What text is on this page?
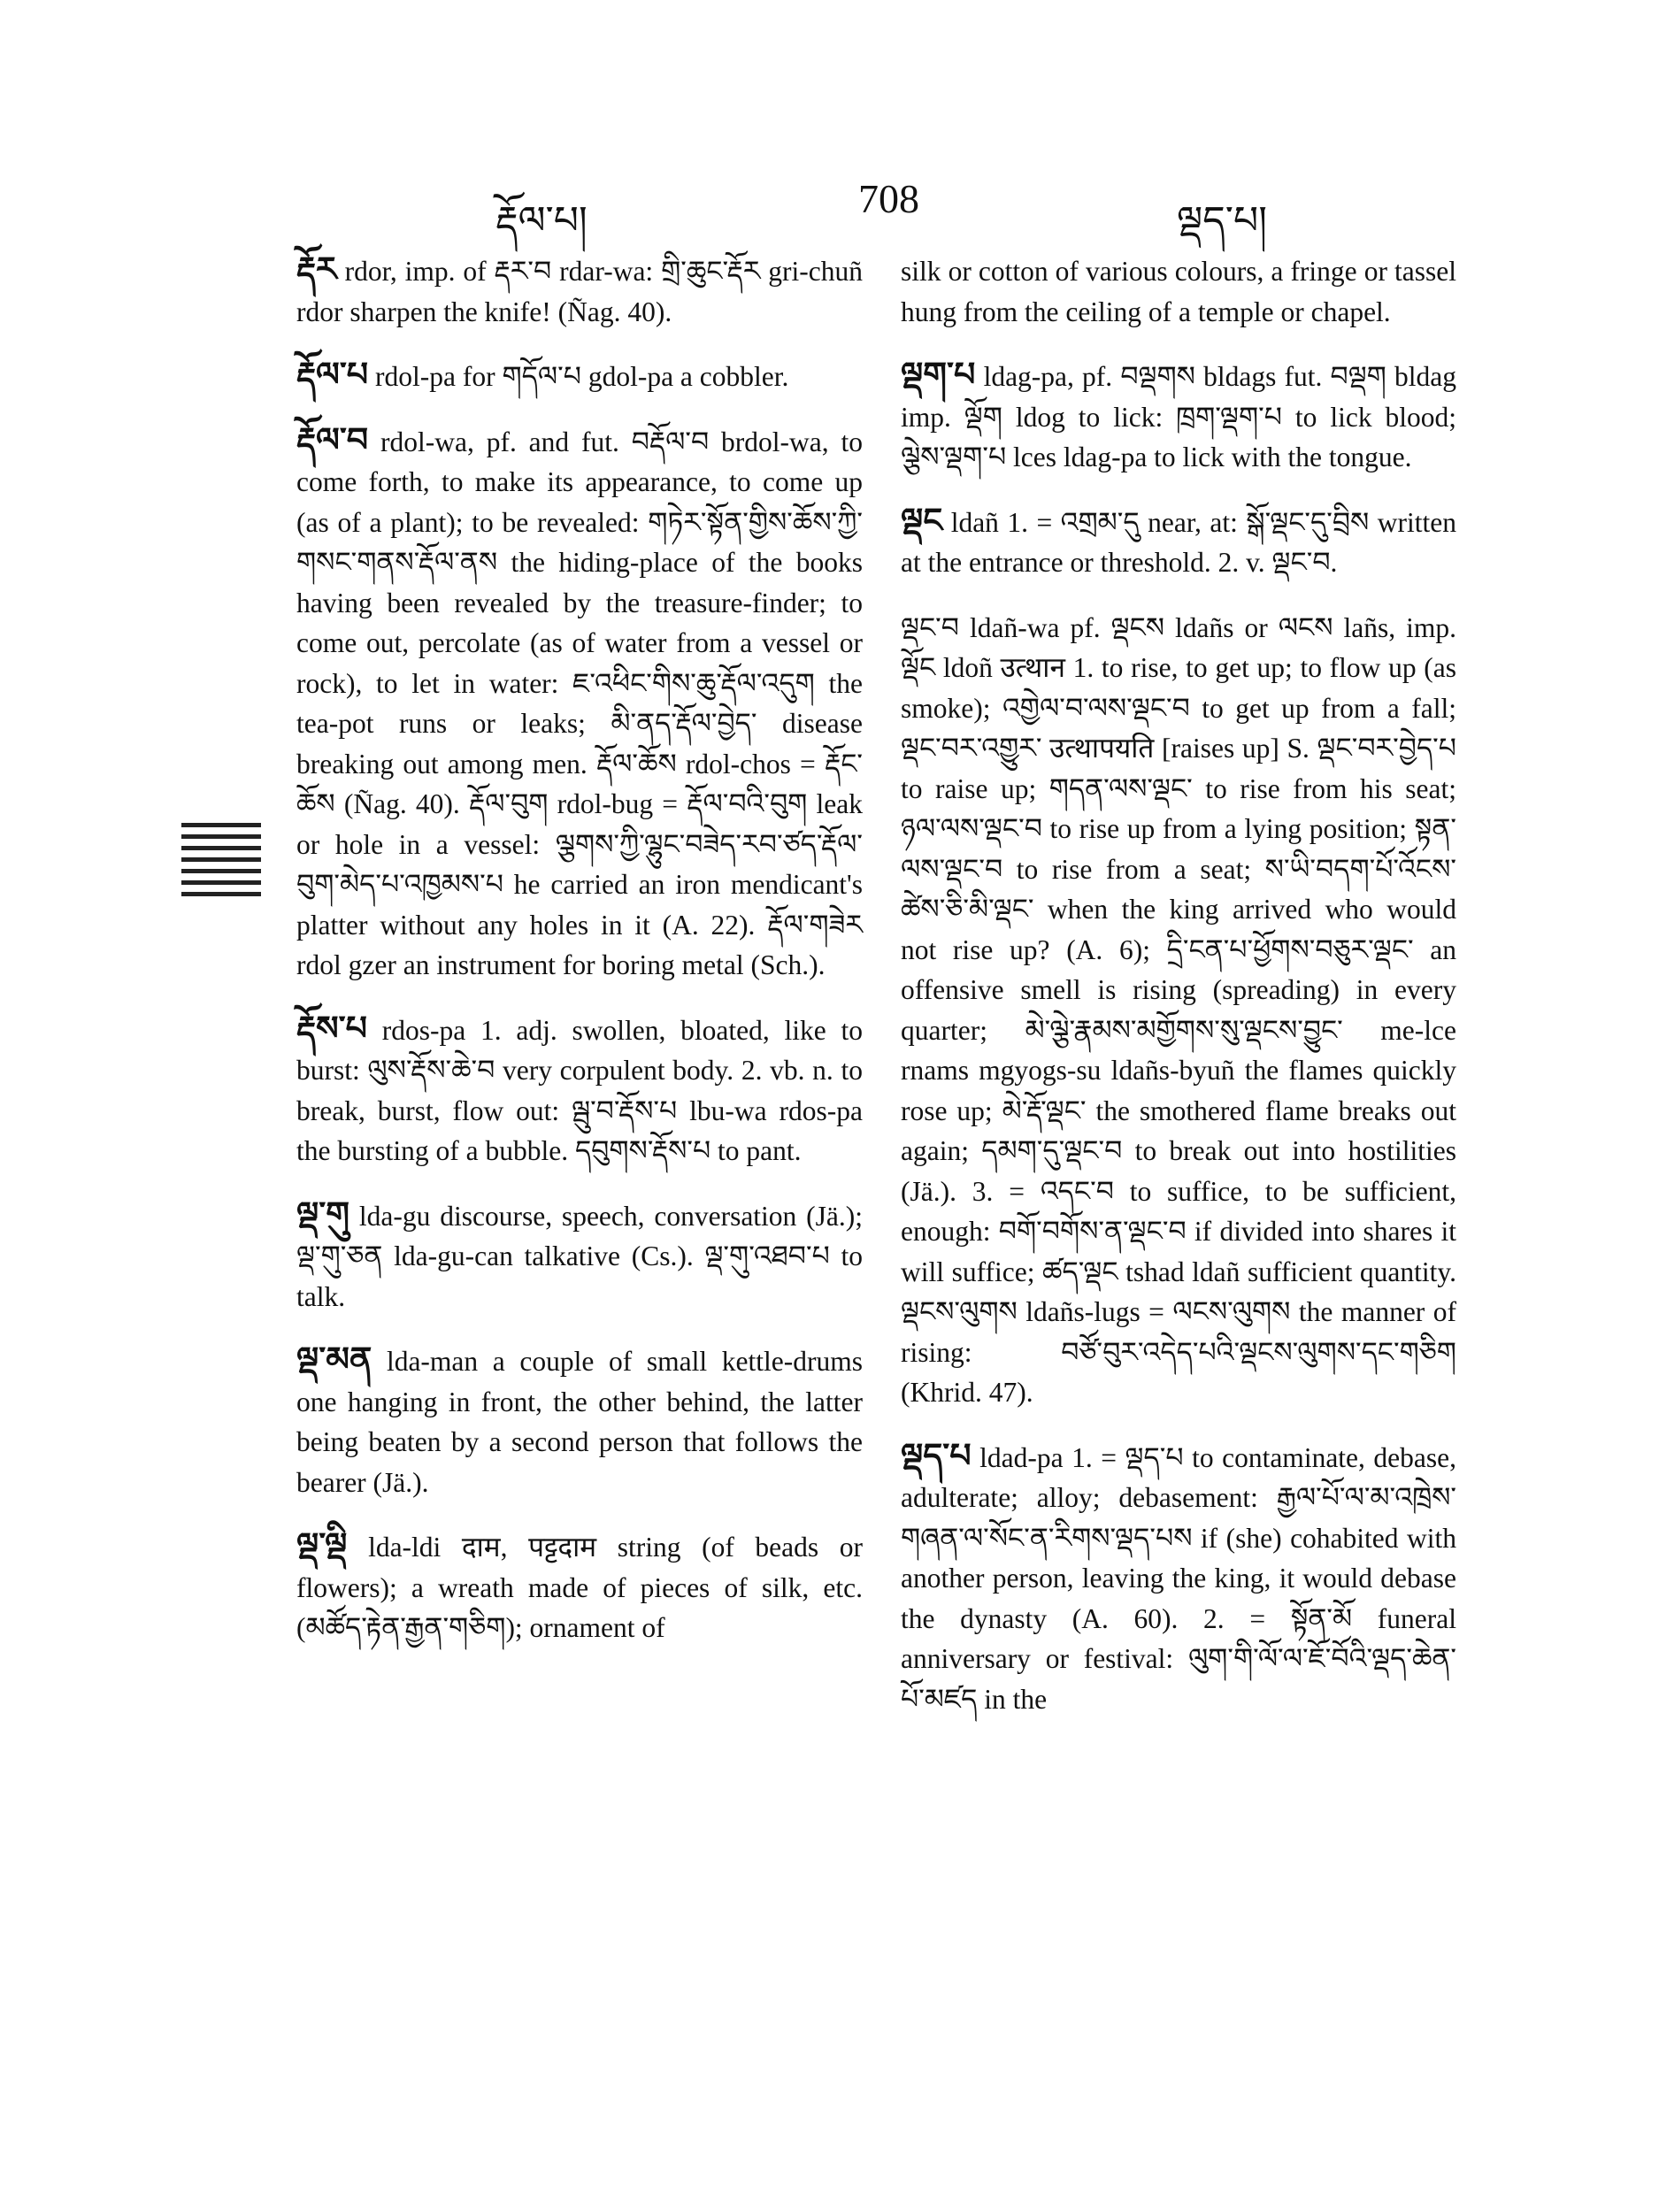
རྡོལ་པ།	708	ལྡད་པ།

རྡོར rdor, imp. of རྡར་བ rdar-wa: གྲི་ཆུང་རྡོར gri-chuñ rdor sharpen the knife! (Ñag. 40).

རྡོལ་པ rdol-pa for གདོལ་པ gdol-pa a cobbler.

རྡོལ་བ rdol-wa, pf. and fut. བརྡོལ་བ brdol-wa, to come forth, to make its appearance, to come up (as of a plant); to be revealed: གཏེར་སྟོན་གྱིས་ཆོས་ཀྱི་གསང་གནས་རྡོལ་ནས the hiding-place of the books having been revealed by the treasure-finder; to come out, percolate (as of water from a vessel or rock), to let in water: ཇ་འཕིང་གིས་ཆུ་རྡོལ་འདུག the tea-pot runs or leaks; མི་ནད་རྡོལ་བྱེད་ disease breaking out among men. རྡོལ་ཆོས rdol-chos = རྡོང་ཆོས (Ñag. 40). རྡོལ་བུག rdol-bug = རྡོལ་བའི་བུག leak or hole in a vessel: ལྕགས་ཀྱི་ལྷུང་བཟེད་རབ་ཙད་རྡོལ་བུག་མེད་པ་འཁྱམས་པ he carried an iron mendicant's platter without any holes in it (A. 22). རྡོལ་གཟེར rdol gzer an instrument for boring metal (Sch.).

རྡོས་པ rdos-pa 1. adj. swollen, bloated, like to burst: ལུས་རྡོས་ཆེ་བ very corpulent body. 2. vb. n. to break, burst, flow out: ལྦུ་བ་རྡོས་པ lbu-wa rdos-pa the bursting of a bubble. དབུགས་རྡོས་པ to pant.

ལྡ་གུ lda-gu discourse, speech, conversation (Jä.); ལྡ་གུ་ཅན lda-gu-can talkative (Cs.). ལྡ་གུ་འཐབ་པ to talk.

ལྡ་མན lda-man a couple of small kettle-drums one hanging in front, the other behind, the latter being beaten by a second person that follows the bearer (Jä.).

ལྡ་ལྡི lda-ldi दाम, पट्टदाम string (of beads or flowers); a wreath made of pieces of silk, etc. (མཚོད་རྟེན་རྒྱན་གཅིག); ornament of

silk or cotton of various colours, a fringe or tassel hung from the ceiling of a temple or chapel.

ལྡག་པ ldag-pa, pf. བལྡགས bldags fut. བལྡག bldag imp. ལྡོག ldog to lick: ཁྲག་ལྡག་པ to lick blood; ལྕེས་ལྡག་པ lces ldag-pa to lick with the tongue.

ལྡང ldañ 1. = འགྲམ་དུ near, at: སྒོ་ལྡང་དུ་བྲིས written at the entrance or threshold. 2. v. ལྡང་བ.

ལྡང་བ ldañ-wa pf. ལྡངས ldañs or ལངས lañs, imp. ལྡོང ldoñ उत्थान 1. to rise, to get up; to flow up (as smoke); འགྱེལ་བ་ལས་ལྡང་བ to get up from a fall; ལྡང་བར་འགྱུར་ उत्थापयति [raises up] S. ལྡང་བར་བྱེད་པ to raise up; གདན་ལས་ལྡང་ to rise from his seat; ཉལ་ལས་ལྡང་བ to rise up from a lying position; སྟན་ལས་ལྡང་བ to rise from a seat; ས་ཡི་བདག་པོ་འོངས་ཚེས་ཅི་མི་ལྡང་ when the king arrived who would not rise up? (A. 6); དྲི་ངན་པ་ཕྱོགས་བཅུར་ལྡང་ an offensive smell is rising (spreading) in every quarter; མེ་ལྕེ་རྣམས་མགྱོགས་སུ་ལྡངས་བྱུང་ me-lce rnams mgyogs-su ldañs-byuñ the flames quickly rose up; མེ་རྡོ་ལྡང་ the smothered flame breaks out again; དམག་དུ་ལྡང་བ to break out into hostilities (Jä.). 3. = འདང་བ to suffice, to be sufficient, enough: བགོ་བགོས་ན་ལྡང་བ if divided into shares it will suffice; ཚད་ལྡང tshad ldañ sufficient quantity. ལྡངས་ལུགས ldañs-lugs = ལངས་ལུགས the manner of rising: བཙོ་བུར་འདེད་པའི་ལྡངས་ལུགས་དང་གཅིག (Khrid. 47).

ལྡད་པ ldad-pa 1. = ལྡད་པ to contaminate, debase, adulterate; alloy; debasement: རྒྱལ་པོ་ལ་མ་འཁྲེས་གཞན་ལ་སོང་ན་རིགས་ལྡད་པས if (she) cohabited with another person, leaving the king, it would debase the dynasty (A. 60). 2. = སྟོན་མོ funeral anniversary or festival: ལུག་གི་ལོ་ལ་ཇོ་བོའི་ལྡད་ཆེན་པོ་མཛད in the
